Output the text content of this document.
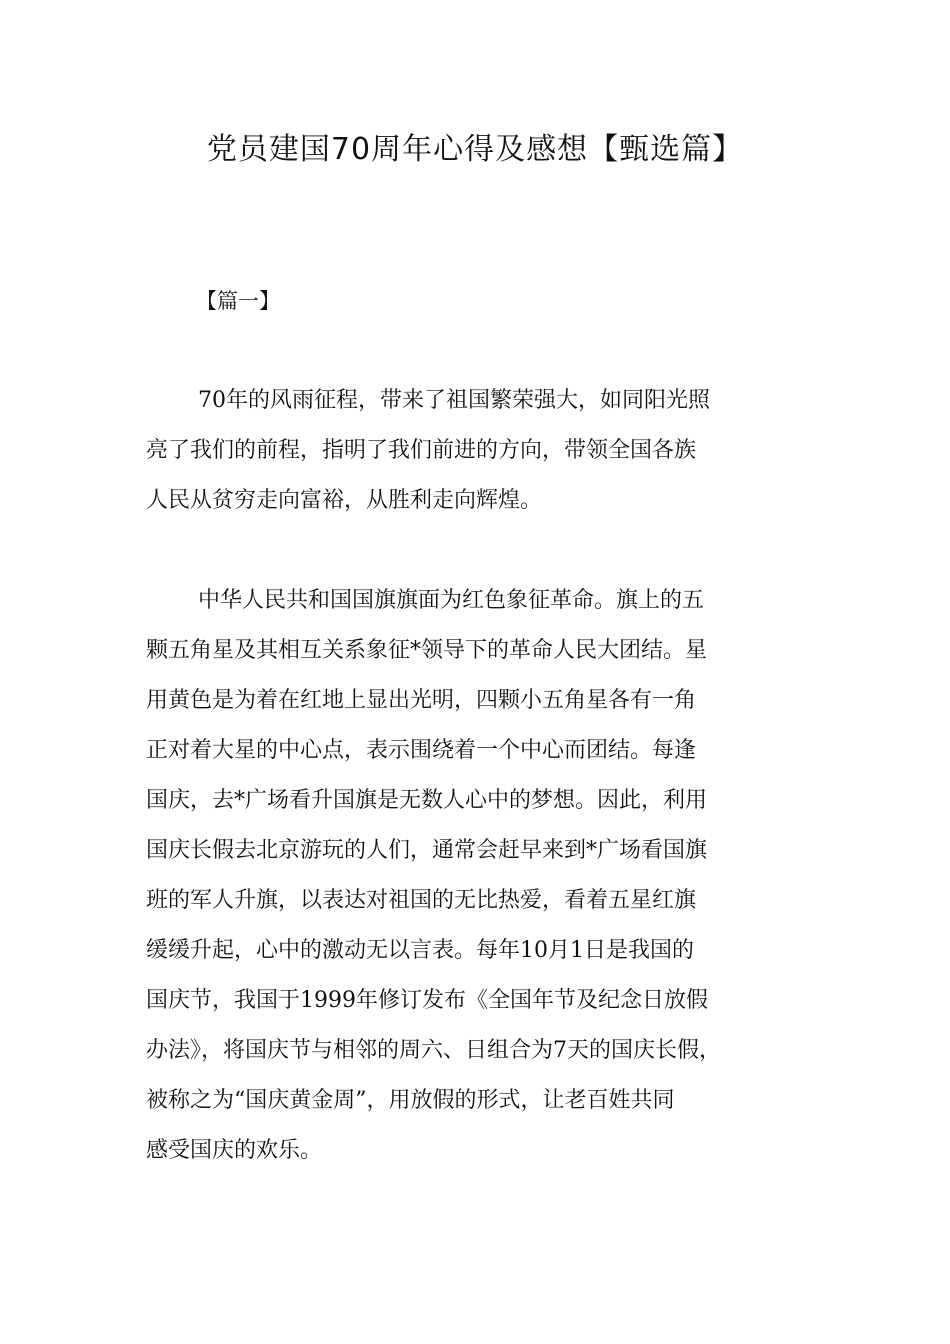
党员建国70周年心得及感想【甄选篇】

【篇一】

70年的风雨征程，带来了祖国繁荣强大，如同阳光照
亮了我们的前程，指明了我们前进的方向，带领全国各族
人民从贫穷走向富裕，从胜利走向辉煌。
中华人民共和国国旗旗面为红色象征革命。旗上的五
颗五角星及其相互关系象征*领导下的革命人民大团结。星
用黄色是为着在红地上显出光明，四颗小五角星各有一角
正对着大星的中心点，表示围绕着一个中心而团结。每逢
国庆，去*广场看升国旗是无数人心中的梦想。因此，利用
国庆长假去北京游玩的人们，通常会赶早来到*广场看国旗
班的军人升旗，以表达对祖国的无比热爱，看着五星红旗
缓缓升起，心中的激动无以言表。每年10月1日是我国的
国庆节，我国于1999年修订发布《全国年节及纪念日放假
办法》，将国庆节与相邻的周六、日组合为7天的国庆长假，
被称之为“国庆黄金周”，用放假的形式，让老百姓共同
感受国庆的欢乐。
